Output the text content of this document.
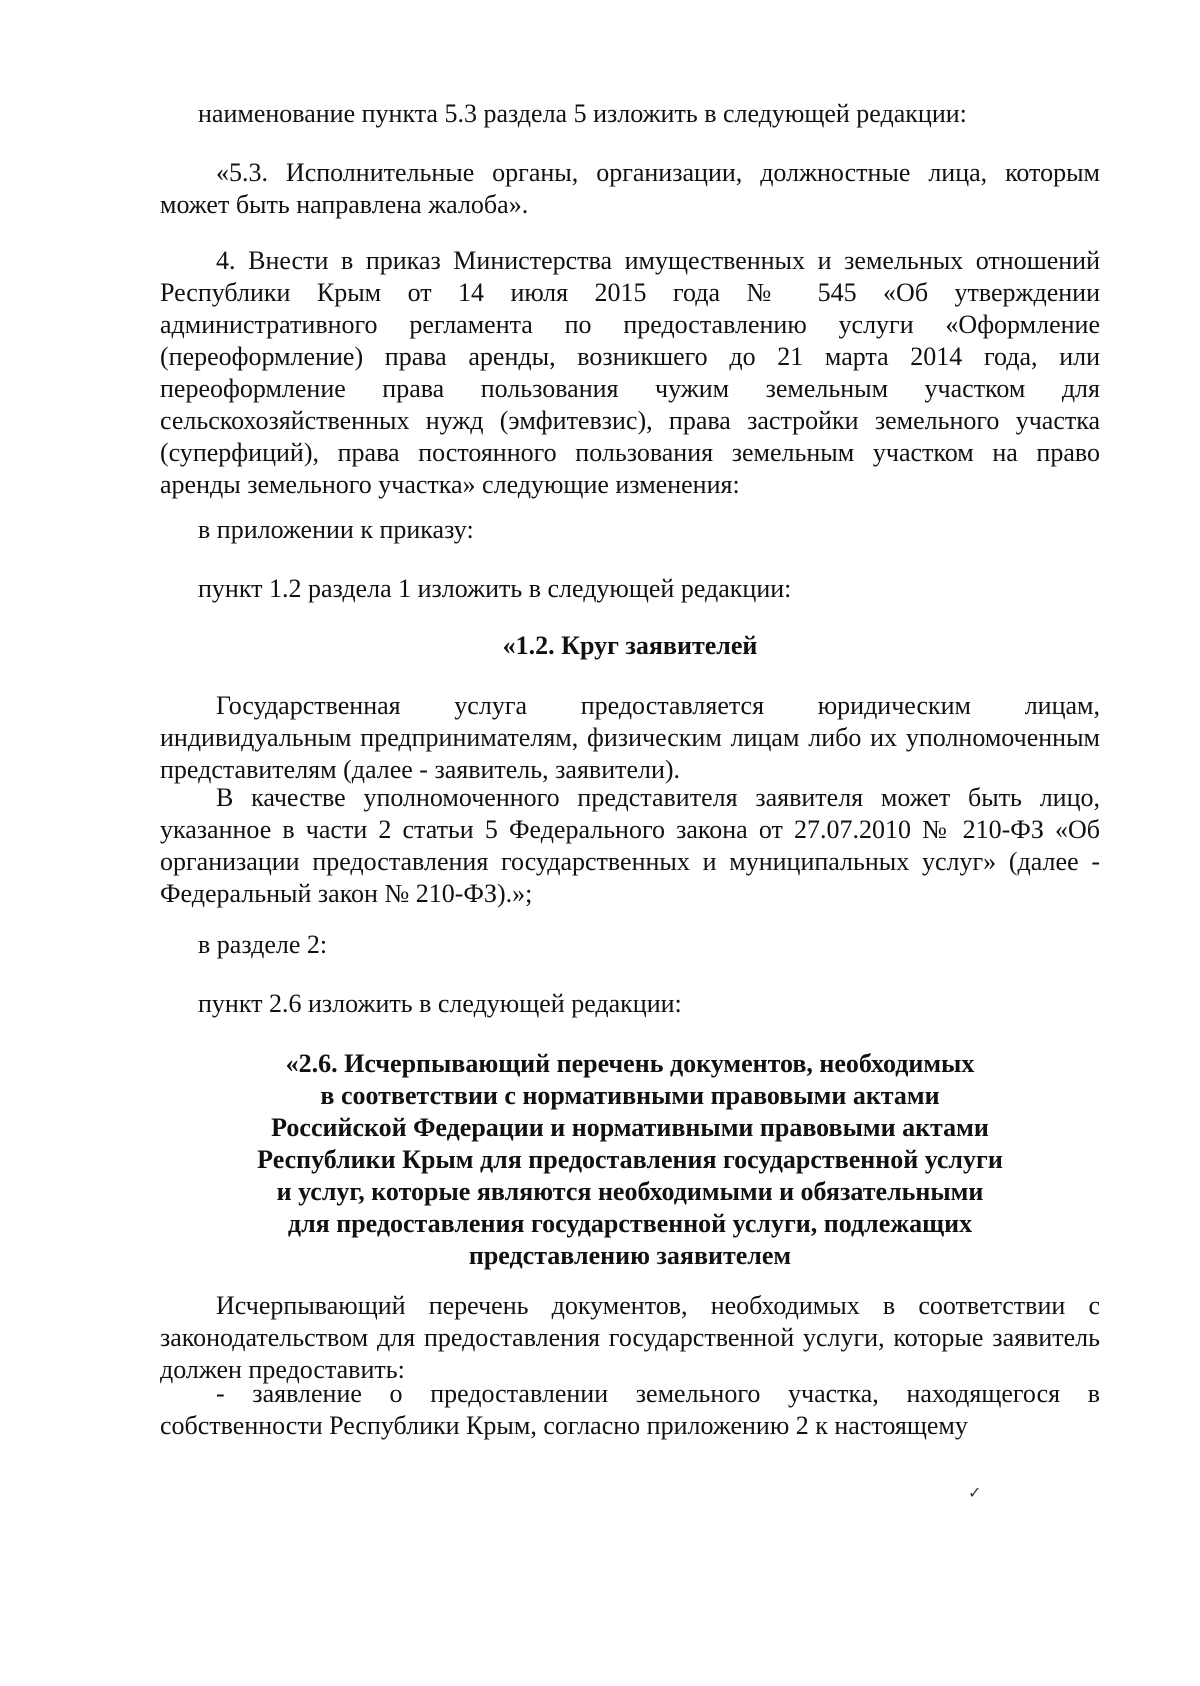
наименование пункта 5.3 раздела 5 изложить в следующей редакции:

«5.3. Исполнительные органы, организации, должностные лица, которым может быть направлена жалоба».

4. Внести в приказ Министерства имущественных и земельных отношений Республики Крым от 14 июля 2015 года № 545 «Об утверждении административного регламента по предоставлению услуги «Оформление (переоформление) права аренды, возникшего до 21 марта 2014 года, или переоформление права пользования чужим земельным участком для сельскохозяйственных нужд (эмфитевзис), права застройки земельного участка (суперфиций), права постоянного пользования земельным участком на право аренды земельного участка» следующие изменения:

в приложении к приказу:

пункт 1.2 раздела 1 изложить в следующей редакции:

«1.2. Круг заявителей

Государственная услуга предоставляется юридическим лицам, индивидуальным предпринимателям, физическим лицам либо их уполномоченным представителям (далее - заявитель, заявители).

В качестве уполномоченного представителя заявителя может быть лицо, указанное в части 2 статьи 5 Федерального закона от 27.07.2010 № 210-ФЗ «Об организации предоставления государственных и муниципальных услуг» (далее - Федеральный закон № 210-ФЗ).»;

в разделе 2:

пункт 2.6 изложить в следующей редакции:

«2.6. Исчерпывающий перечень документов, необходимых
в соответствии с нормативными правовыми актами
Российской Федерации и нормативными правовыми актами
Республики Крым для предоставления государственной услуги
и услуг, которые являются необходимыми и обязательными
для предоставления государственной услуги, подлежащих
представлению заявителем

Исчерпывающий перечень документов, необходимых в соответствии с законодательством для предоставления государственной услуги, которые заявитель должен предоставить:

- заявление о предоставлении земельного участка, находящегося в собственности Республики Крым, согласно приложению 2 к настоящему

✓
